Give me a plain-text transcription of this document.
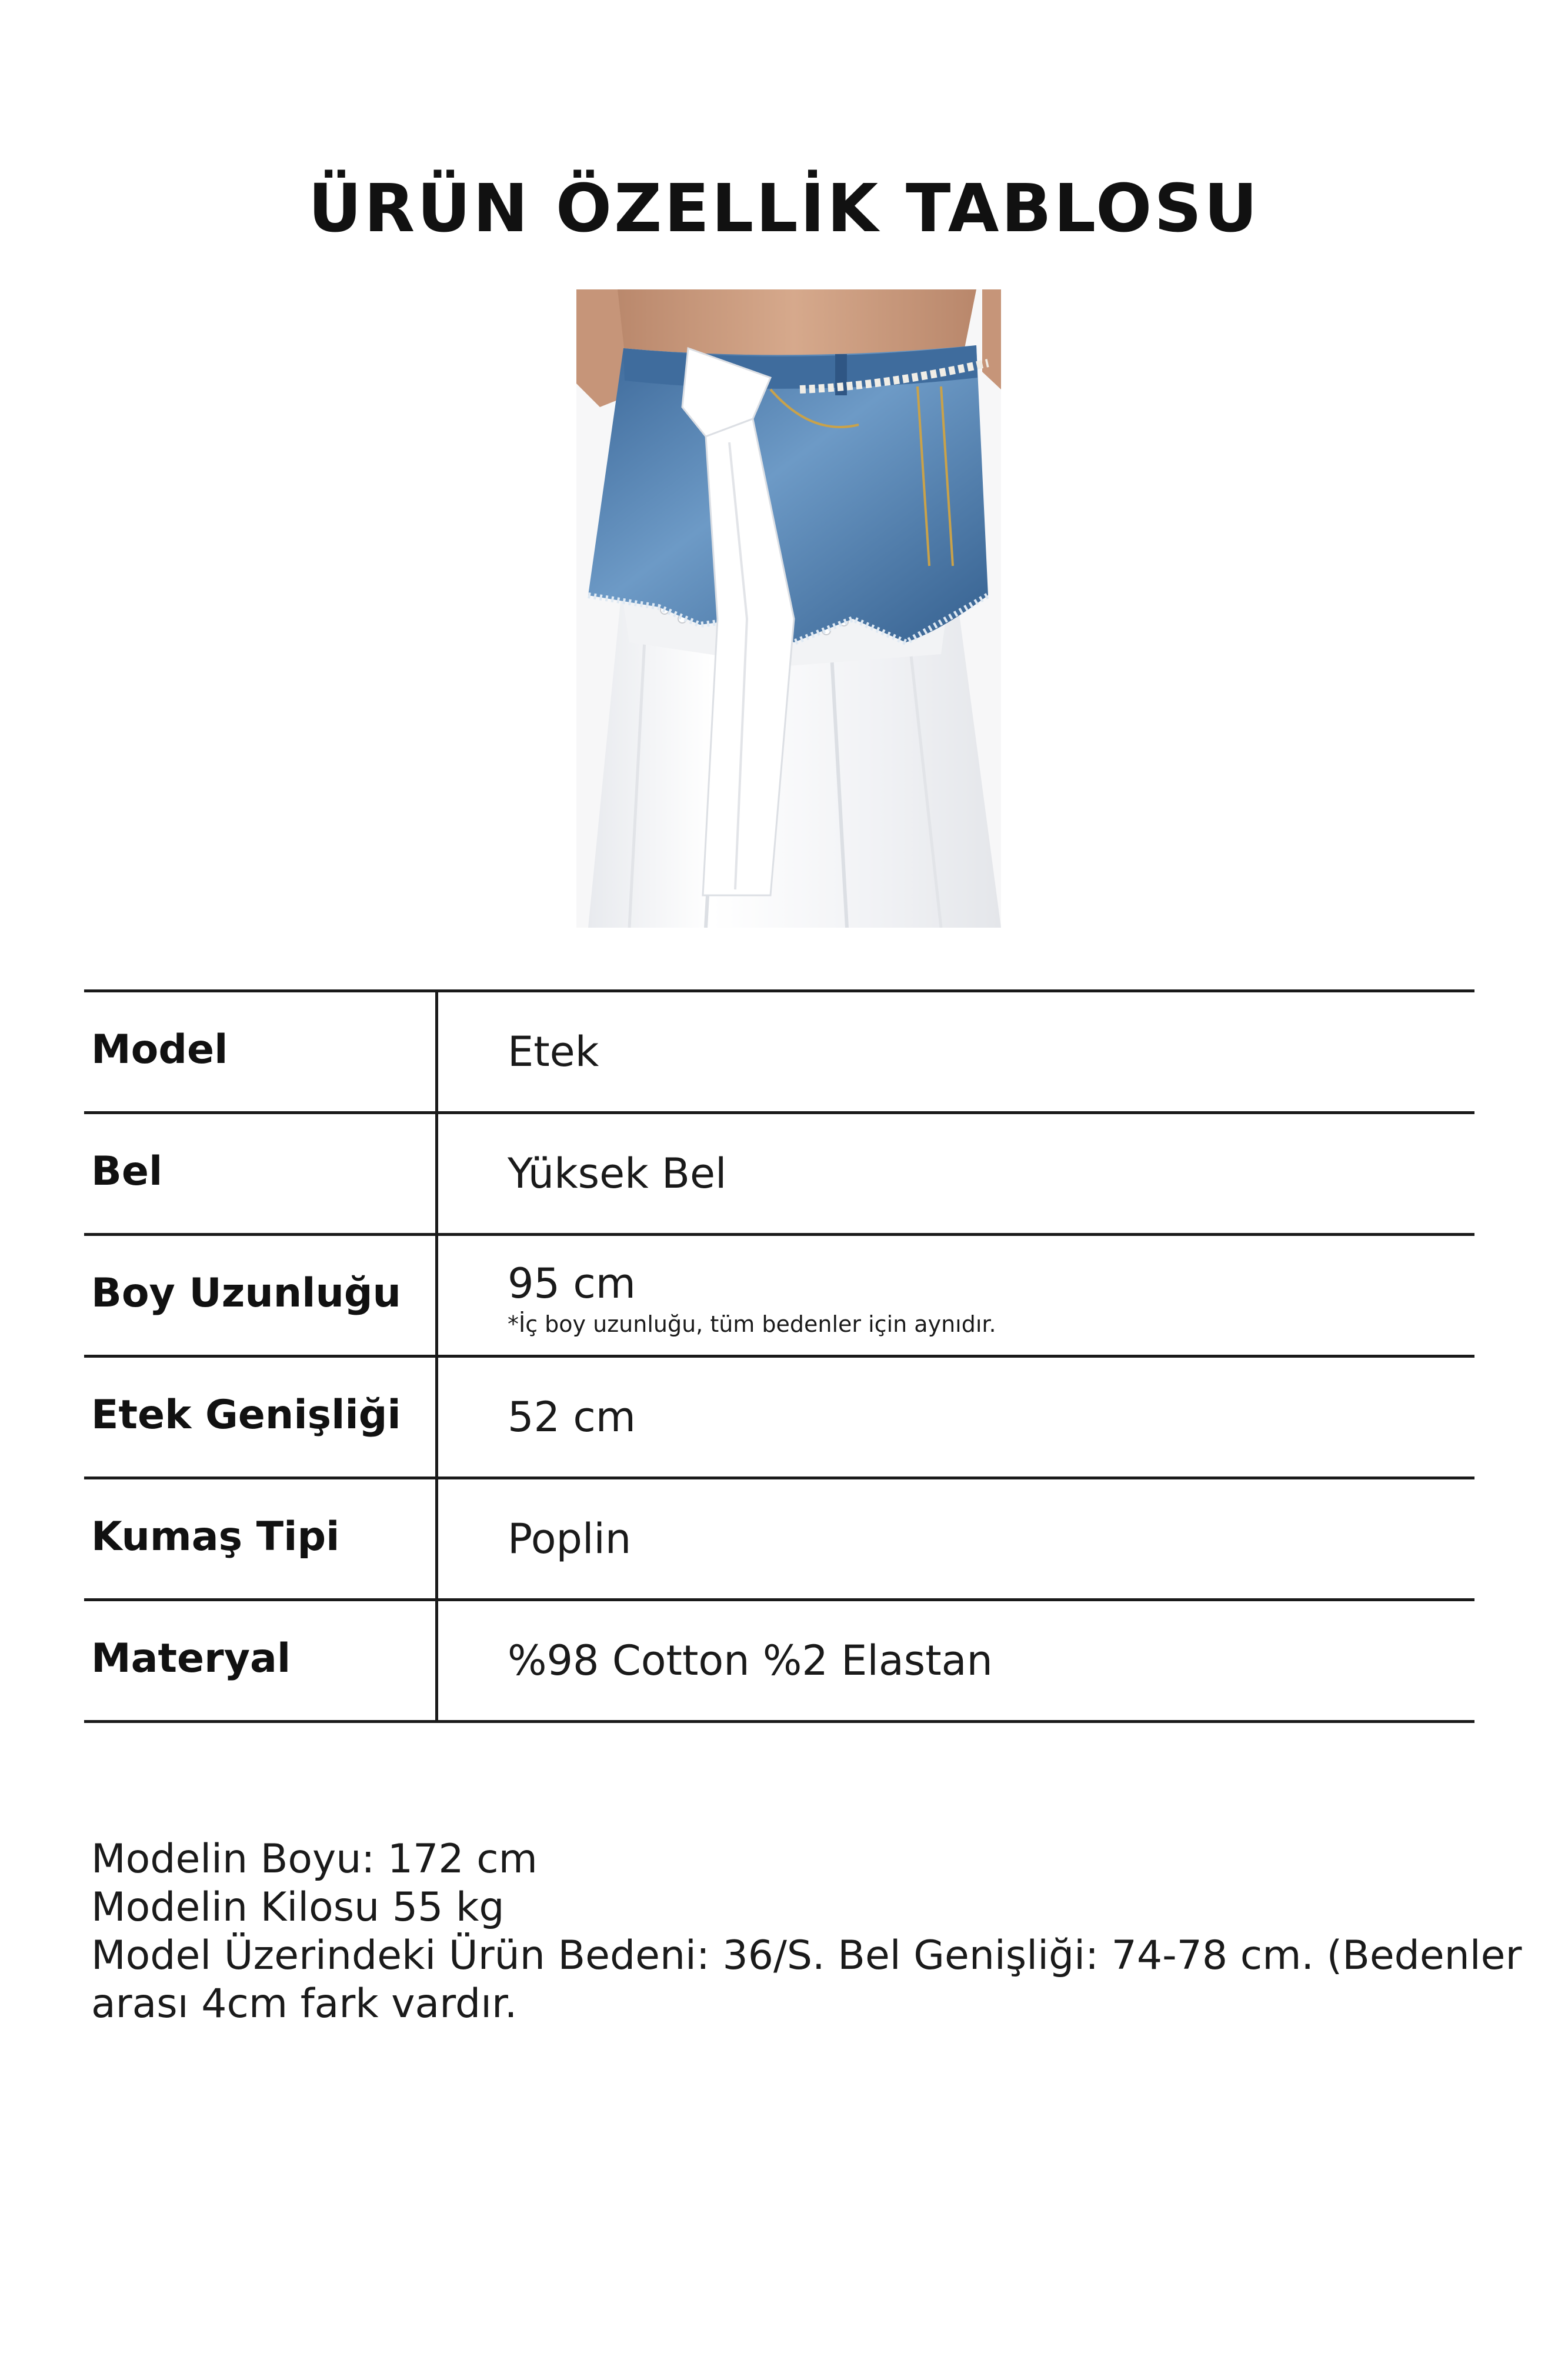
ÜRÜN ÖZELLİK TABLOSU
Model	Etek
Bel	Yüksek Bel
Boy Uzunluğu	95 cm
*İç boy uzunluğu, tüm bedenler için aynıdır.
Etek Genişliği	52 cm
Kumaş Tipi	Poplin
Materyal	%98 Cotton %2 Elastan
Modelin Boyu: 172 cm
Modelin Kilosu 55 kg
Model Üzerindeki Ürün Bedeni: 36/S. Bel Genişliği: 74-78 cm. (Bedenler
arası 4cm fark vardır.
